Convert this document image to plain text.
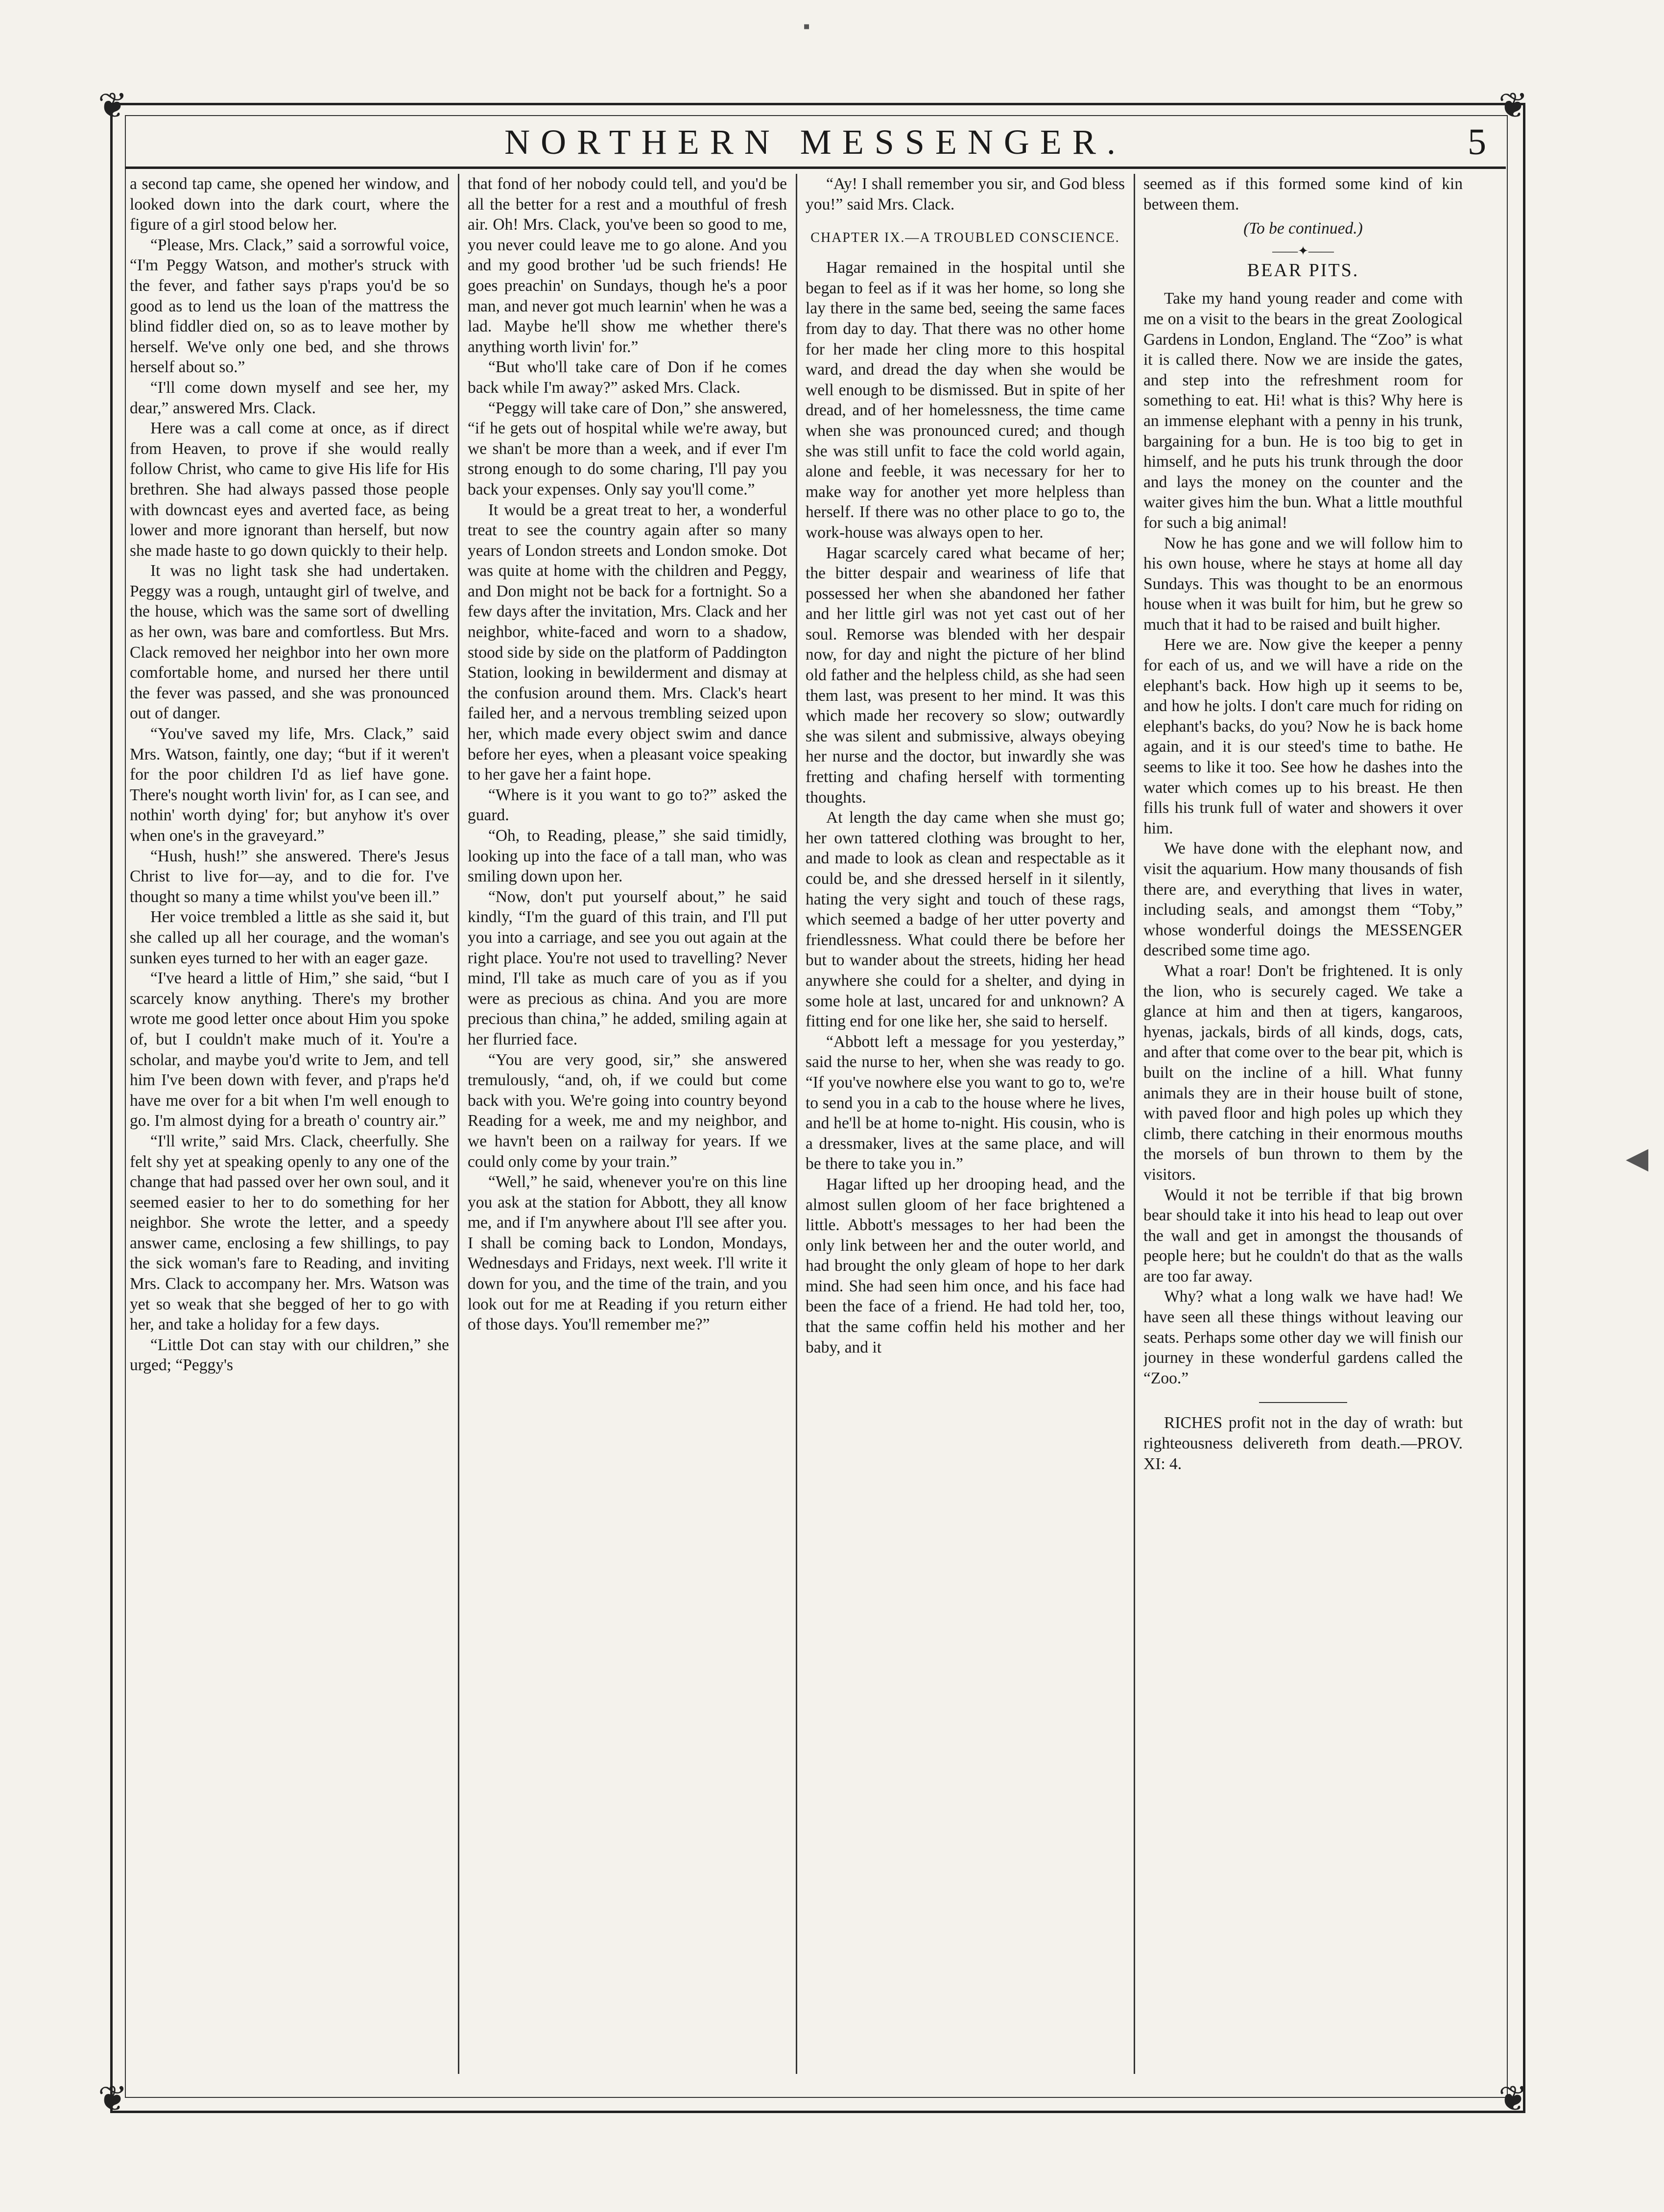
❦	❦
❦	❦
▪
◀
NORTHERN MESSENGER.	5

a second tap came, she opened her window, and looked down into the dark court, where the figure of a girl stood below her.

“Please, Mrs. Clack,” said a sorrowful voice, “I'm Peggy Watson, and mother's struck with the fever, and father says p'raps you'd be so good as to lend us the loan of the mattress the blind fiddler died on, so as to leave mother by herself. We've only one bed, and she throws herself about so.”

“I'll come down myself and see her, my dear,” answered Mrs. Clack.

Here was a call come at once, as if direct from Heaven, to prove if she would really follow Christ, who came to give His life for His brethren. She had always passed those people with downcast eyes and averted face, as being lower and more ignorant than herself, but now she made haste to go down quickly to their help.

It was no light task she had undertaken. Peggy was a rough, untaught girl of twelve, and the house, which was the same sort of dwelling as her own, was bare and comfortless. But Mrs. Clack removed her neighbor into her own more comfortable home, and nursed her there until the fever was passed, and she was pronounced out of danger.

“You've saved my life, Mrs. Clack,” said Mrs. Watson, faintly, one day; “but if it weren't for the poor children I'd as lief have gone. There's nought worth livin' for, as I can see, and nothin' worth dying' for; but anyhow it's over when one's in the graveyard.”

“Hush, hush!” she answered. There's Jesus Christ to live for—ay, and to die for. I've thought so many a time whilst you've been ill.”

Her voice trembled a little as she said it, but she called up all her courage, and the woman's sunken eyes turned to her with an eager gaze.

“I've heard a little of Him,” she said, “but I scarcely know anything. There's my brother wrote me good letter once about Him you spoke of, but I couldn't make much of it. You're a scholar, and maybe you'd write to Jem, and tell him I've been down with fever, and p'raps he'd have me over for a bit when I'm well enough to go. I'm almost dying for a breath o' country air.”

“I'll write,” said Mrs. Clack, cheerfully. She felt shy yet at speaking openly to any one of the change that had passed over her own soul, and it seemed easier to her to do something for her neighbor. She wrote the letter, and a speedy answer came, enclosing a few shillings, to pay the sick woman's fare to Reading, and inviting Mrs. Clack to accompany her. Mrs. Watson was yet so weak that she begged of her to go with her, and take a holiday for a few days.

“Little Dot can stay with our children,” she urged; “Peggy's

that fond of her nobody could tell, and you'd be all the better for a rest and a mouthful of fresh air. Oh! Mrs. Clack, you've been so good to me, you never could leave me to go alone. And you and my good brother 'ud be such friends! He goes preachin' on Sundays, though he's a poor man, and never got much learnin' when he was a lad. Maybe he'll show me whether there's anything worth livin' for.”

“But who'll take care of Don if he comes back while I'm away?” asked Mrs. Clack.

“Peggy will take care of Don,” she answered, “if he gets out of hospital while we're away, but we shan't be more than a week, and if ever I'm strong enough to do some charing, I'll pay you back your expenses. Only say you'll come.”

It would be a great treat to her, a wonderful treat to see the country again after so many years of London streets and London smoke. Dot was quite at home with the children and Peggy, and Don might not be back for a fortnight. So a few days after the invitation, Mrs. Clack and her neighbor, white-faced and worn to a shadow, stood side by side on the platform of Paddington Station, looking in bewilderment and dismay at the confusion around them. Mrs. Clack's heart failed her, and a nervous trembling seized upon her, which made every object swim and dance before her eyes, when a pleasant voice speaking to her gave her a faint hope.

“Where is it you want to go to?” asked the guard.

“Oh, to Reading, please,” she said timidly, looking up into the face of a tall man, who was smiling down upon her.

“Now, don't put yourself about,” he said kindly, “I'm the guard of this train, and I'll put you into a carriage, and see you out again at the right place. You're not used to travelling? Never mind, I'll take as much care of you as if you were as precious as china. And you are more precious than china,” he added, smiling again at her flurried face.

“You are very good, sir,” she answered tremulously, “and, oh, if we could but come back with you. We're going into country beyond Reading for a week, me and my neighbor, and we havn't been on a railway for years. If we could only come by your train.”

“Well,” he said, whenever you're on this line you ask at the station for Abbott, they all know me, and if I'm anywhere about I'll see after you. I shall be coming back to London, Mondays, Wednesdays and Fridays, next week. I'll write it down for you, and the time of the train, and you look out for me at Reading if you return either of those days. You'll remember me?”

“Ay! I shall remember you sir, and God bless you!” said Mrs. Clack.

CHAPTER IX.—A TROUBLED CONSCIENCE.

Hagar remained in the hospital until she began to feel as if it was her home, so long she lay there in the same bed, seeing the same faces from day to day. That there was no other home for her made her cling more to this hospital ward, and dread the day when she would be well enough to be dismissed. But in spite of her dread, and of her homelessness, the time came when she was pronounced cured; and though she was still unfit to face the cold world again, alone and feeble, it was necessary for her to make way for another yet more helpless than herself. If there was no other place to go to, the work-house was always open to her.

Hagar scarcely cared what became of her; the bitter despair and weariness of life that possessed her when she abandoned her father and her little girl was not yet cast out of her soul. Remorse was blended with her despair now, for day and night the picture of her blind old father and the helpless child, as she had seen them last, was present to her mind. It was this which made her recovery so slow; outwardly she was silent and submissive, always obeying her nurse and the doctor, but inwardly she was fretting and chafing herself with tormenting thoughts.

At length the day came when she must go; her own tattered clothing was brought to her, and made to look as clean and respectable as it could be, and she dressed herself in it silently, hating the very sight and touch of these rags, which seemed a badge of her utter poverty and friendlessness. What could there be before her but to wander about the streets, hiding her head anywhere she could for a shelter, and dying in some hole at last, uncared for and unknown? A fitting end for one like her, she said to herself.

“Abbott left a message for you yesterday,” said the nurse to her, when she was ready to go. “If you've nowhere else you want to go to, we're to send you in a cab to the house where he lives, and he'll be at home to-night. His cousin, who is a dressmaker, lives at the same place, and will be there to take you in.”

Hagar lifted up her drooping head, and the almost sullen gloom of her face brightened a little. Abbott's messages to her had been the only link between her and the outer world, and had brought the only gleam of hope to her dark mind. She had seen him once, and his face had been the face of a friend. He had told her, too, that the same coffin held his mother and her baby, and it

seemed as if this formed some kind of kin between them.

(To be continued.)
——✦——
BEAR PITS.

Take my hand young reader and come with me on a visit to the bears in the great Zoological Gardens in London, England. The “Zoo” is what it is called there. Now we are inside the gates, and step into the refreshment room for something to eat. Hi! what is this? Why here is an immense elephant with a penny in his trunk, bargaining for a bun. He is too big to get in himself, and he puts his trunk through the door and lays the money on the counter and the waiter gives him the bun. What a little mouthful for such a big animal!

Now he has gone and we will follow him to his own house, where he stays at home all day Sundays. This was thought to be an enormous house when it was built for him, but he grew so much that it had to be raised and built higher.

Here we are. Now give the keeper a penny for each of us, and we will have a ride on the elephant's back. How high up it seems to be, and how he jolts. I don't care much for riding on elephant's backs, do you? Now he is back home again, and it is our steed's time to bathe. He seems to like it too. See how he dashes into the water which comes up to his breast. He then fills his trunk full of water and showers it over him.

We have done with the elephant now, and visit the aquarium. How many thousands of fish there are, and everything that lives in water, including seals, and amongst them “Toby,” whose wonderful doings the MESSENGER described some time ago.

What a roar! Don't be frightened. It is only the lion, who is securely caged. We take a glance at him and then at tigers, kangaroos, hyenas, jackals, birds of all kinds, dogs, cats, and after that come over to the bear pit, which is built on the incline of a hill. What funny animals they are in their house built of stone, with paved floor and high poles up which they climb, there catching in their enormous mouths the morsels of bun thrown to them by the visitors.

Would it not be terrible if that big brown bear should take it into his head to leap out over the wall and get in amongst the thousands of people here; but he couldn't do that as the walls are too far away.

Why? what a long walk we have had! We have seen all these things without leaving our seats. Perhaps some other day we will finish our journey in these wonderful gardens called the “Zoo.”

RICHES profit not in the day of wrath: but righteousness delivereth from death.—PROV. XI: 4.
